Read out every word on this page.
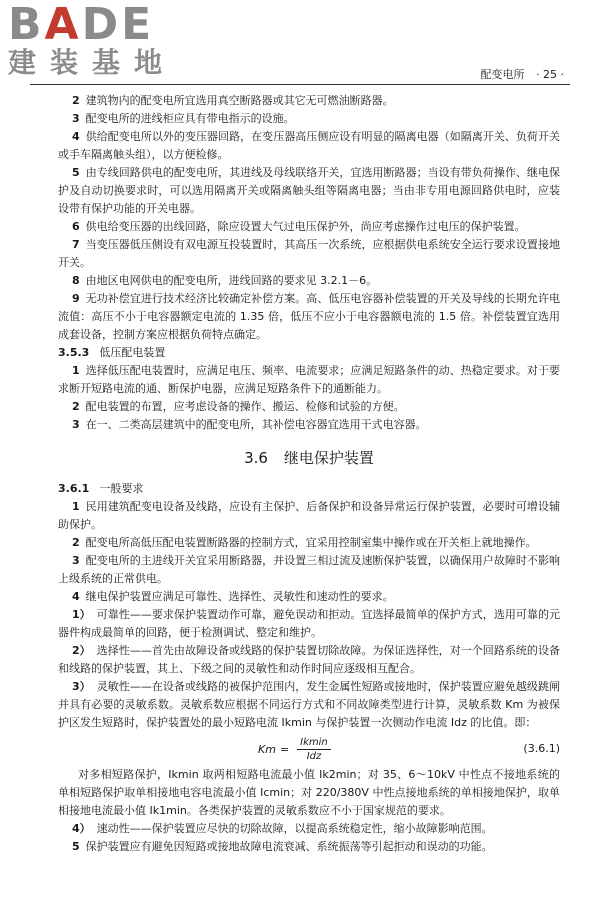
BADE
建装基地	配变电所 · 25 ·

2 建筑物内的配变电所宜选用真空断路器或其它无可燃油断路器。

3 配变电所的进线柜应具有带电指示的设施。

4 供给配变电所以外的变压器回路，在变压器高压侧应设有明显的隔离电器（如隔离开关、负荷开关或手车隔离触头组），以方便检修。

5 由专线回路供电的配变电所，其进线及母线联络开关，宜选用断路器；当设有带负荷操作、继电保护及自动切换要求时，可以选用隔离开关或隔离触头组等隔离电器；当由非专用电源回路供电时，应装设带有保护功能的开关电器。

6 供电给变压器的出线回路，除应设置大气过电压保护外，尚应考虑操作过电压的保护装置。

7 当变压器低压侧设有双电源互投装置时，其高压一次系统，应根据供电系统安全运行要求设置接地开关。

8 由地区电网供电的配变电所，进线回路的要求见 3.2.1－6。

9 无功补偿宜进行技术经济比较确定补偿方案。高、低压电容器补偿装置的开关及导线的长期允许电流值：高压不小于电容器额定电流的 1.35 倍，低压不应小于电容器额电流的 1.5 倍。补偿装置宜选用成套设备，控制方案应根据负荷特点确定。

3.5.3 低压配电装置

1 选择低压配电装置时，应满足电压、频率、电流要求；应满足短路条件的动、热稳定要求。对于要求断开短路电流的通、断保护电器，应满足短路条件下的通断能力。

2 配电装置的布置，应考虑设备的操作、搬运、检修和试验的方便。

3 在一、二类高层建筑中的配变电所，其补偿电容器宜选用干式电容器。

3.6 继电保护装置

3.6.1 一般要求

1 民用建筑配变电设备及线路，应设有主保护、后备保护和设备异常运行保护装置，必要时可增设辅助保护。

2 配变电所高低压配电装置断路器的控制方式，宜采用控制室集中操作或在开关柜上就地操作。

3 配变电所的主进线开关宜采用断路器，并设置三相过流及速断保护装置，以确保用户故障时不影响上级系统的正常供电。

4 继电保护装置应满足可靠性、选择性、灵敏性和速动性的要求。

1） 可靠性——要求保护装置动作可靠，避免误动和拒动。宜选择最简单的保护方式，选用可靠的元器件构成最简单的回路，便于检测调试、整定和维护。

2） 选择性——首先由故障设备或线路的保护装置切除故障。为保证选择性，对一个回路系统的设备和线路的保护装置，其上、下级之间的灵敏性和动作时间应逐级相互配合。

3） 灵敏性——在设备或线路的被保护范围内，发生金属性短路或接地时，保护装置应避免越级跳闸并具有必要的灵敏系数。灵敏系数应根据不同运行方式和不同故障类型进行计算，灵敏系数 Km 为被保护区发生短路时，保护装置处的最小短路电流 Ikmin 与保护装置一次侧动作电流 Idz 的比值。即：

$Km = \frac{Ikmin}{\text{Idz}}$	(3.6.1)

对多相短路保护，Ikmin 取两相短路电流最小值 Ik2min；对 35、6～10kV 中性点不接地系统的单相短路保护取单相接地电容电流最小值 Icmin；对 220/380V 中性点接地系统的单相接地保护，取单相接地电流最小值 Ik1min。各类保护装置的灵敏系数应不小于国家规范的要求。

4） 速动性——保护装置应尽快的切除故障，以提高系统稳定性，缩小故障影响范围。

5 保护装置应有避免因短路或接地故障电流衰减、系统振荡等引起拒动和误动的功能。
